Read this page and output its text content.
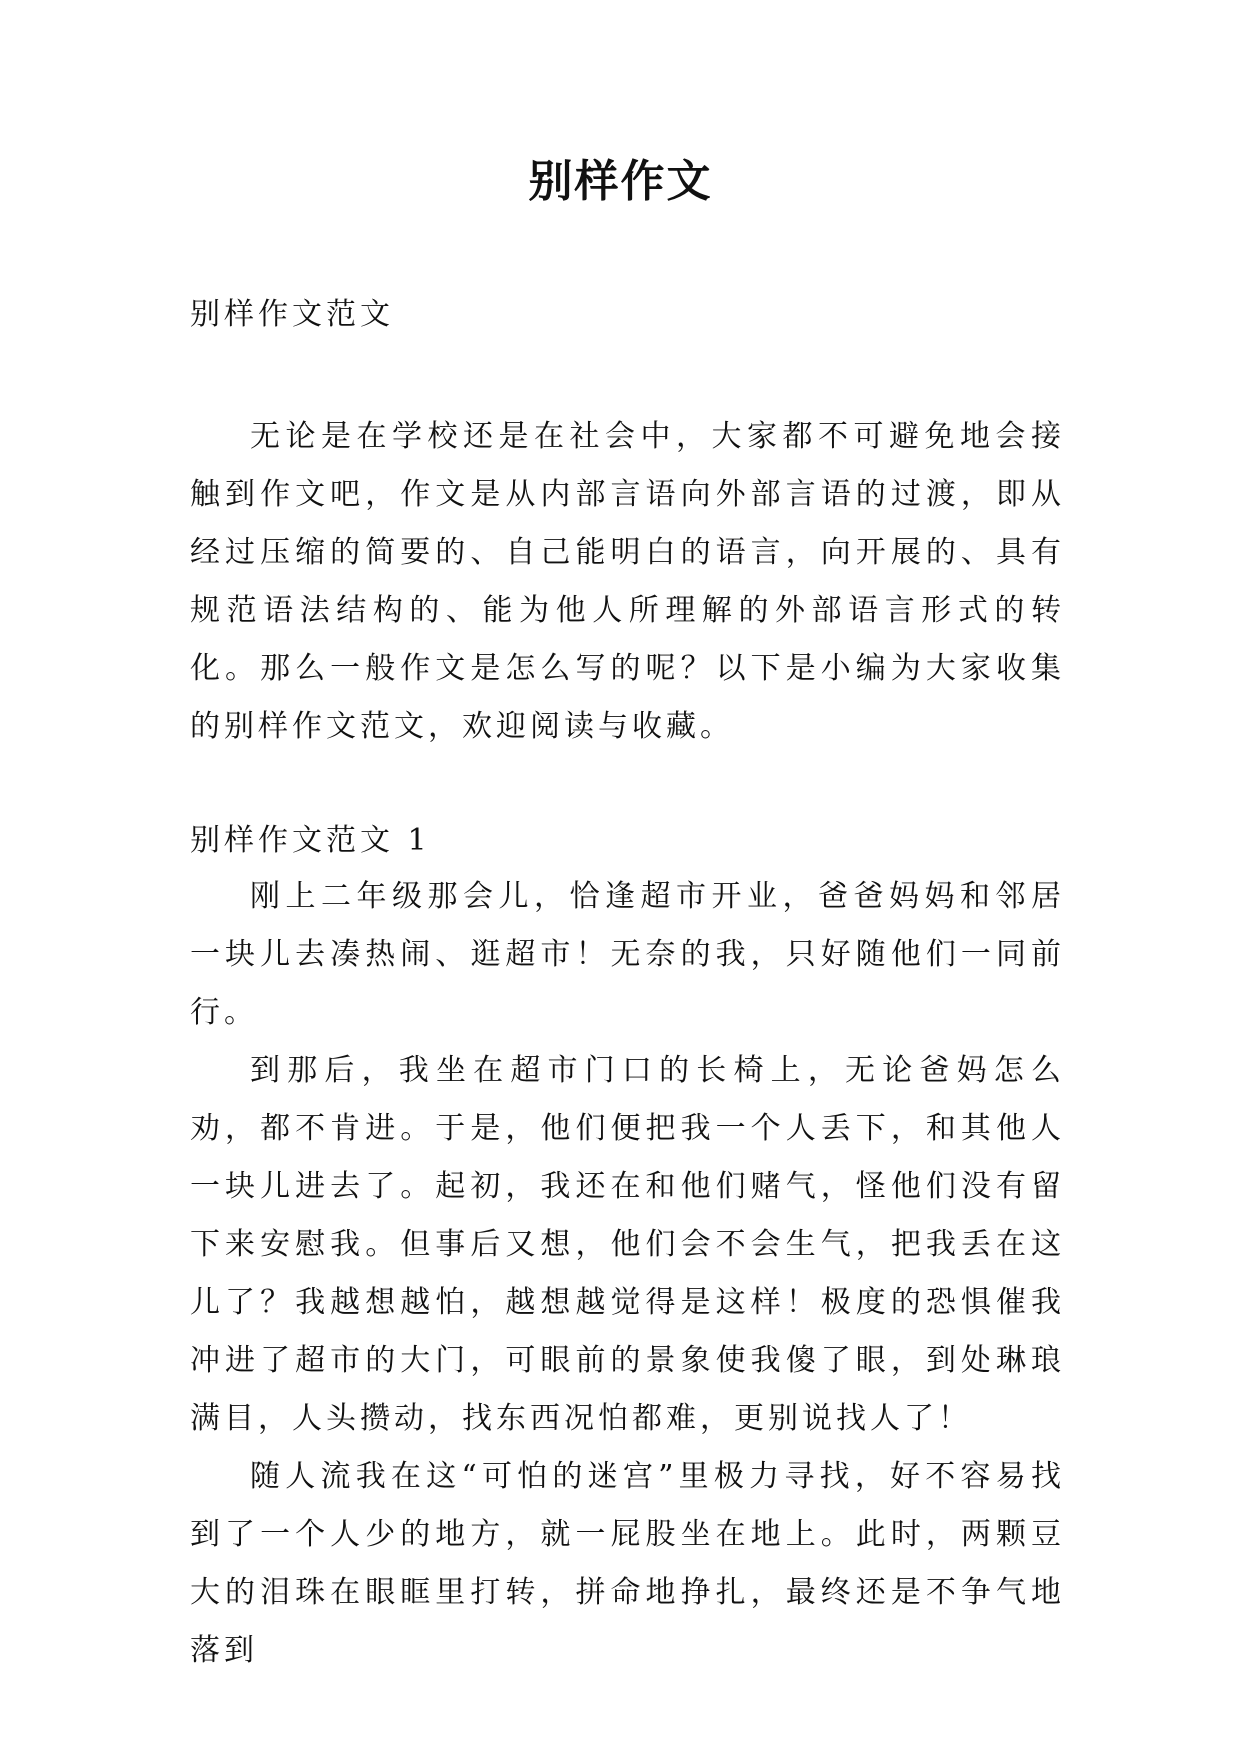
别样作文
别样作文范文

无论是在学校还是在社会中，大家都不可避免地会接触到作文吧，作文是从内部言语向外部言语的过渡，即从经过压缩的简要的、自己能明白的语言，向开展的、具有规范语法结构的、能为他人所理解的外部语言形式的转化。那么一般作文是怎么写的呢？以下是小编为大家收集的别样作文范文，欢迎阅读与收藏。

别样作文范文 1

刚上二年级那会儿，恰逢超市开业，爸爸妈妈和邻居一块儿去凑热闹、逛超市！无奈的我，只好随他们一同前行。

到那后，我坐在超市门口的长椅上，无论爸妈怎么劝，都不肯进。于是，他们便把我一个人丢下，和其他人一块儿进去了。起初，我还在和他们赌气，怪他们没有留下来安慰我。但事后又想，他们会不会生气，把我丢在这儿了？我越想越怕，越想越觉得是这样！极度的恐惧催我冲进了超市的大门，可眼前的景象使我傻了眼，到处琳琅满目，人头攒动，找东西况怕都难，更别说找人了！

随人流我在这“可怕的迷宫”里极力寻找，好不容易找到了一个人少的地方，就一屁股坐在地上。此时，两颗豆大的泪珠在眼眶里打转，拼命地挣扎，最终还是不争气地落到
